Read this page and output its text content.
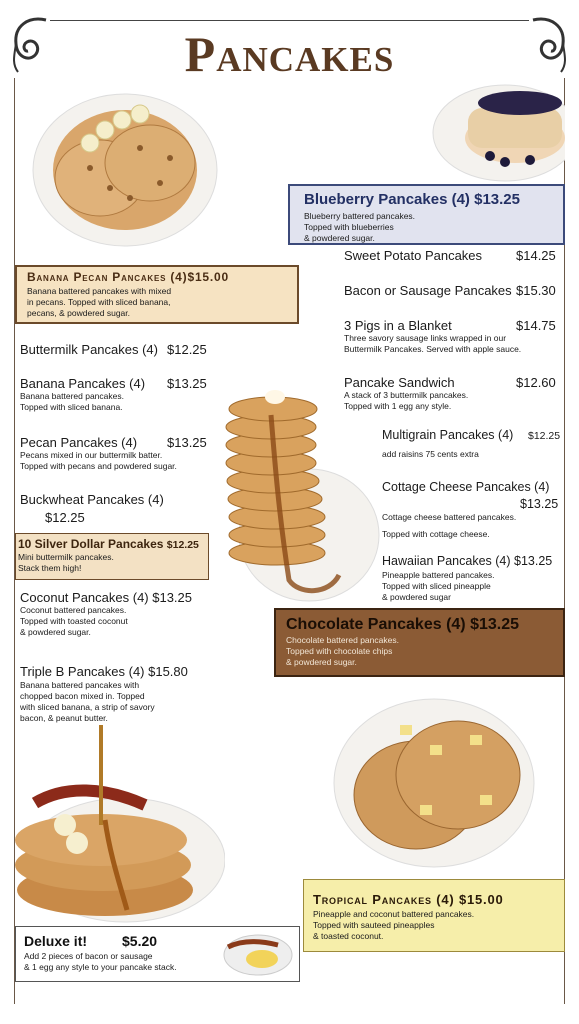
Pancakes
Blueberry Pancakes (4) $13.25
Blueberry battered pancakes.
Topped with blueberries
& powdered sugar.
Banana Pecan Pancakes (4)$15.00
Banana battered pancakes with mixed
in pecans. Topped with sliced banana,
pecans, & powdered sugar.
Sweet Potato Pancakes	$14.25
Bacon or Sausage Pancakes $15.30
3 Pigs in a Blanket	$14.75
Three savory sausage links wrapped in our
Buttermilk Pancakes. Served with apple sauce.
Pancake Sandwich	$12.60
A stack of 3 buttermilk pancakes.
Topped with 1 egg any style.
Multigrain Pancakes (4) $12.25
add raisins 75 cents extra
Cottage Cheese Pancakes (4)
$13.25
Cottage cheese battered pancakes.
Topped with cottage cheese.
Hawaiian Pancakes (4) $13.25
Pineapple battered pancakes.
Topped with sliced pineapple
& powdered sugar
Buttermilk Pancakes (4) $12.25
Banana Pancakes (4) $13.25
Banana battered pancakes.
Topped with sliced banana.
Pecan Pancakes (4) $13.25
Pecans mixed in our buttermilk batter.
Topped with pecans and powdered sugar.
Buckwheat Pancakes (4)
$12.25
10 Silver Dollar Pancakes $12.25
Mini buttermilk pancakes.
Stack them high!
Coconut Pancakes (4) $13.25
Coconut battered pancakes.
Topped with toasted coconut
& powdered sugar.
Triple B Pancakes (4) $15.80
Banana battered pancakes with
chopped bacon mixed in. Topped
with sliced banana, a strip of savory
bacon, & peanut butter.
Chocolate Pancakes (4) $13.25
Chocolate battered pancakes.
Topped with chocolate chips
& powdered sugar.
Tropical Pancakes (4) $15.00
Pineapple and coconut battered pancakes.
Topped with sauteed pineapples
& toasted coconut.
Deluxe it! $5.20
Add 2 pieces of bacon or sausage
& 1 egg any style to your pancake stack.
